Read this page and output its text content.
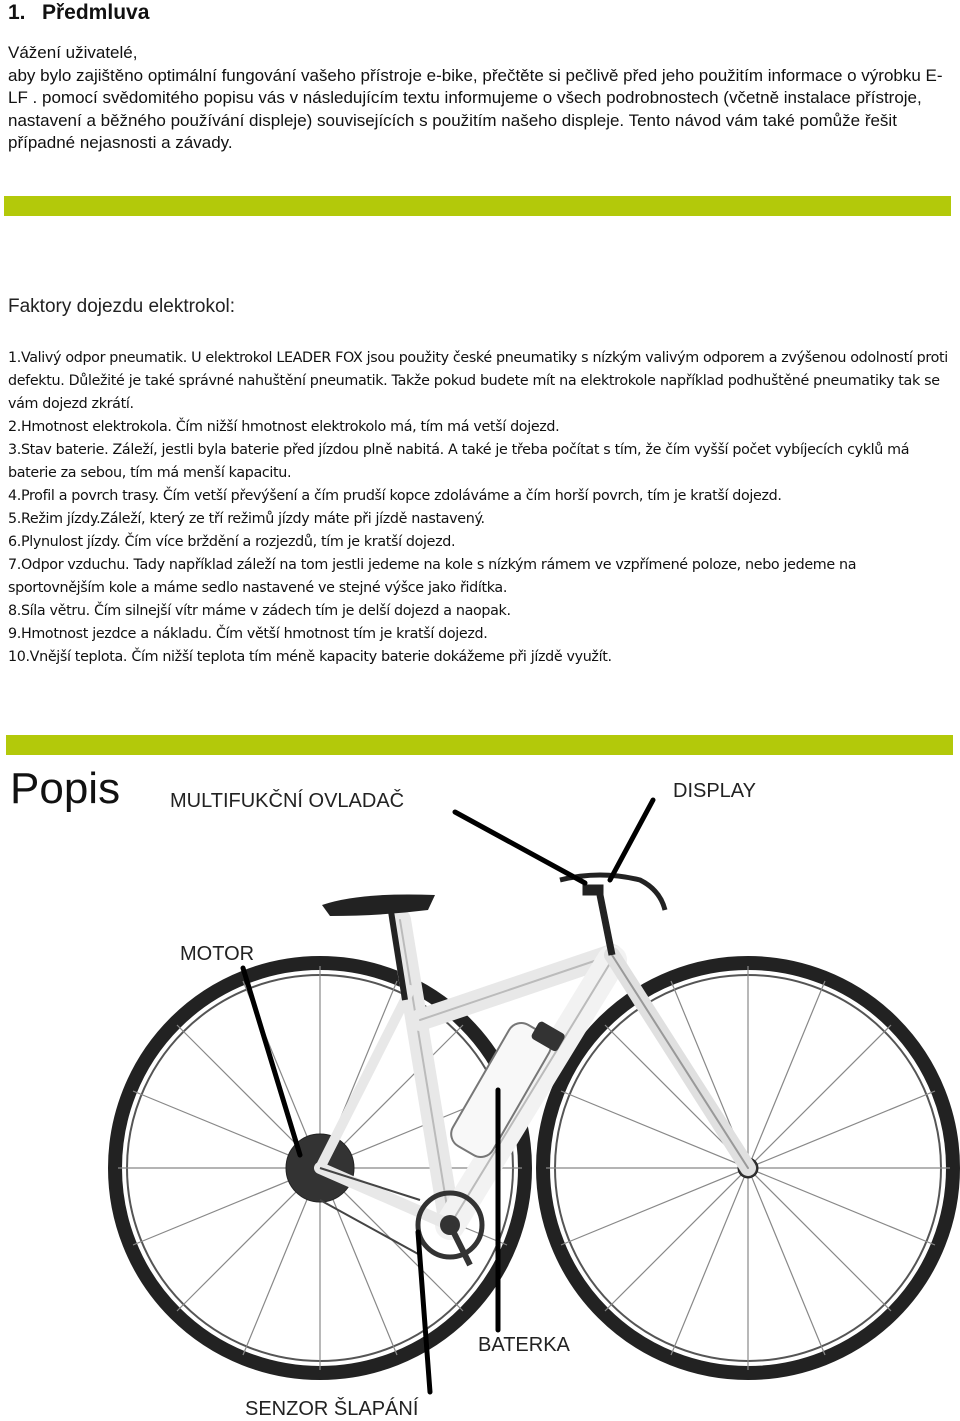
1. Předmluva

Vážení uživatelé,

aby bylo zajištěno optimální fungování vašeho přístroje e-bike, přečtěte si pečlivě před jeho použitím informace o výrobku E-LF . pomocí svědomitého popisu vás v následujícím textu informujeme o všech podrobnostech (včetně instalace přístroje, nastavení a běžného používání displeje) souvisejících s použitím našeho displeje. Tento návod vám také pomůže řešit případné nejasnosti a závady.

Faktory dojezdu elektrokol:
1.Valivý odpor pneumatik. U elektrokol LEADER FOX jsou použity české pneumatiky s nízkým valivým odporem a zvýšenou odolností proti defektu. Důležité je také správné nahuštění pneumatik. Takže pokud budete mít na elektrokole například podhuštěné pneumatiky tak se vám dojezd zkrátí.
2.Hmotnost elektrokola. Čím nižší hmotnost elektrokolo má, tím má vetší dojezd.
3.Stav baterie. Záleží, jestli byla baterie před jízdou plně nabitá. A také je třeba počítat s tím, že čím vyšší počet vybíjecích cyklů má baterie za sebou, tím má menší kapacitu.
4.Profil a povrch trasy. Čím vetší převýšení a čím prudší kopce zdoláváme a čím horší povrch, tím je kratší dojezd.
5.Režim jízdy.Záleží, který ze tří režimů jízdy máte při jízdě nastavený.
6.Plynulost jízdy. Čím více brždění a rozjezdů, tím je kratší dojezd.
7.Odpor vzduchu. Tady například záleží na tom jestli jedeme na kole s nízkým rámem ve vzpřímené poloze, nebo jedeme na sportovnějším kole a máme sedlo nastavené ve stejné výšce jako řidítka.
8.Síla větru. Čím silnejší vítr máme v zádech tím je delší dojezd a naopak.
9.Hmotnost jezdce a nákladu. Čím větší hmotnost tím je kratší dojezd.
10.Vnější teplota. Čím nižší teplota tím méně kapacity baterie dokážeme při jízdě využít.
Popis MULTIFUKČNÍ OVLADAČ	DISPLAY
MOTOR
BATERKA
SENZOR ŠLAPÁNÍ
